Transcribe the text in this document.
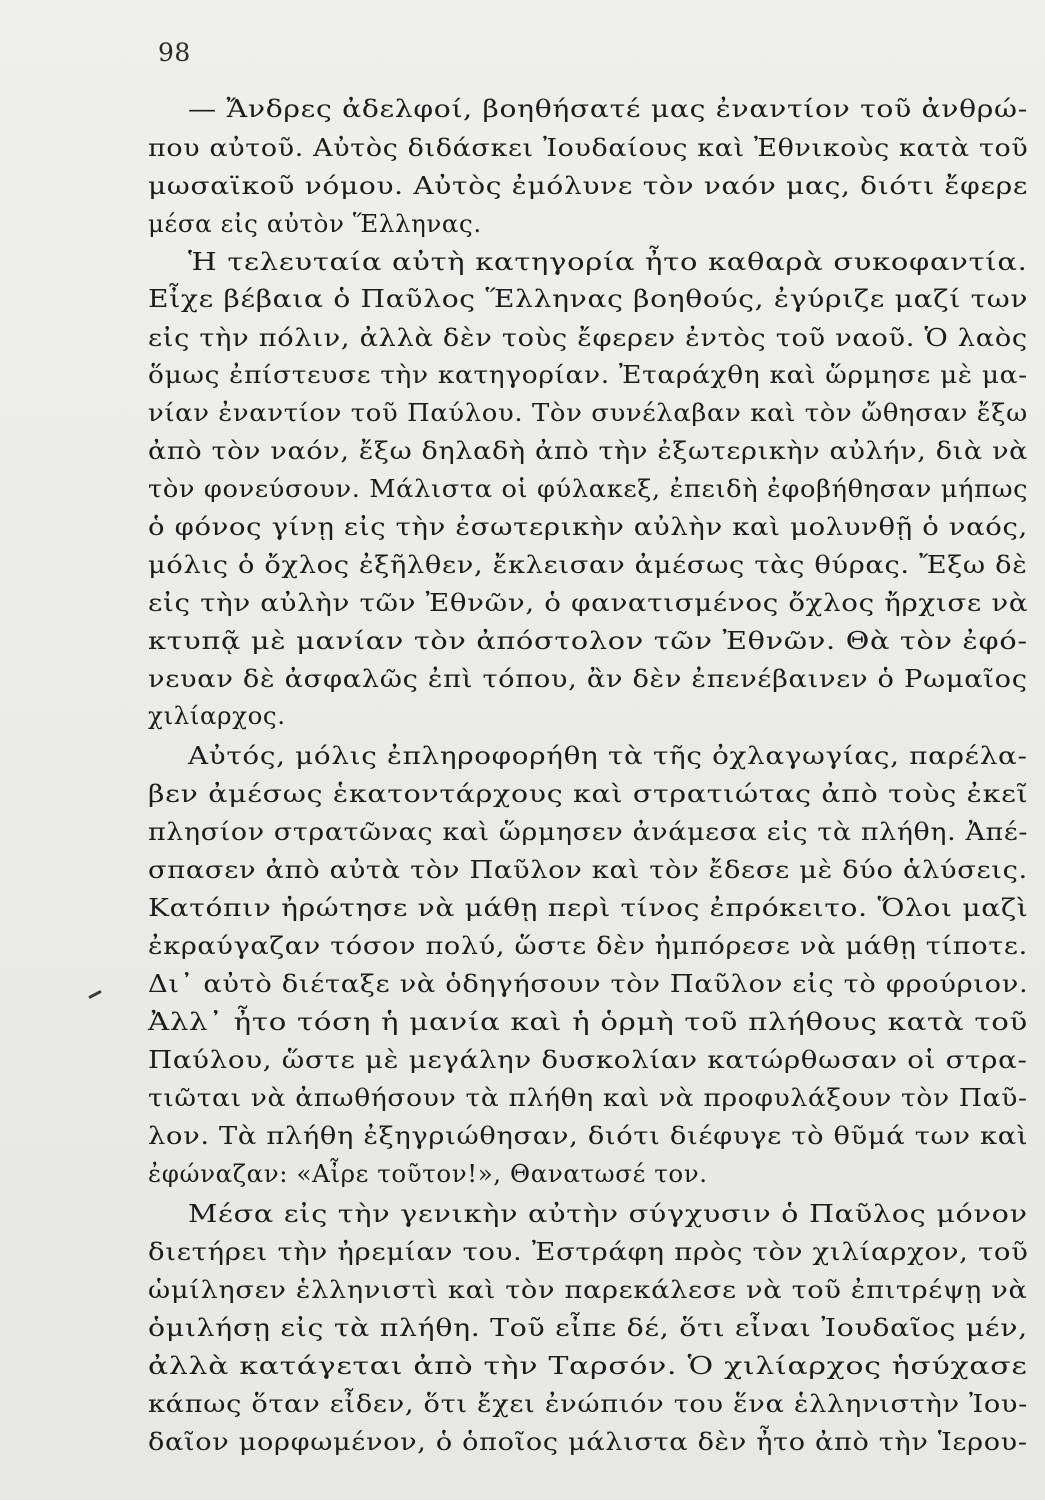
98
— Ἄνδρες ἀδελφοί, βοηθήσατέ μας ἐναντίον τοῦ ἀνθρώ-
που αὐτοῦ. Αὐτὸς διδάσκει Ἰουδαίους καὶ Ἐθνικοὺς κατὰ τοῦ
μωσαϊκοῦ νόμου. Αὐτὸς ἐμόλυνε τὸν ναόν μας, διότι ἔφερε
μέσα εἰς αὐτὸν Ἕλληνας.
Ἡ τελευταία αὐτὴ κατηγορία ἦτο καθαρὰ συκοφαντία.
Εἶχε βέβαια ὁ Παῦλος Ἕλληνας βοηθούς, ἐγύριζε μαζί των
εἰς τὴν πόλιν, ἀλλὰ δὲν τοὺς ἔφερεν ἐντὸς τοῦ ναοῦ. Ὁ λαὸς
ὅμως ἐπίστευσε τὴν κατηγορίαν. Ἐταράχθη καὶ ὥρμησε μὲ μα-
νίαν ἐναντίον τοῦ Παύλου. Τὸν συνέλαβαν καὶ τὸν ὤθησαν ἔξω
ἀπὸ τὸν ναόν, ἔξω δηλαδὴ ἀπὸ τὴν ἐξωτερικὴν αὐλήν, διὰ νὰ
τὸν φονεύσουν. Μάλιστα οἱ φύλακεξ, ἐπειδὴ ἐφοβήθησαν μήπως
ὁ φόνος γίνῃ εἰς τὴν ἐσωτερικὴν αὐλὴν καὶ μολυνθῇ ὁ ναός,
μόλις ὁ ὄχλος ἐξῆλθεν, ἔκλεισαν ἀμέσως τὰς θύρας. Ἔξω δὲ
εἰς τὴν αὐλὴν τῶν Ἐθνῶν, ὁ φανατισμένος ὄχλος ἤρχισε νὰ
κτυπᾷ μὲ μανίαν τὸν ἀπόστολον τῶν Ἐθνῶν. Θὰ τὸν ἐφό-
νευαν δὲ ἀσφαλῶς ἐπὶ τόπου, ἂν δὲν ἐπενέβαινεν ὁ Ρωμαῖος
χιλίαρχος.
Αὐτός, μόλις ἐπληροφορήθη τὰ τῆς ὀχλαγωγίας, παρέλα-
βεν ἀμέσως ἑκατοντάρχους καὶ στρατιώτας ἀπὸ τοὺς ἐκεῖ
πλησίον στρατῶνας καὶ ὥρμησεν ἀνάμεσα εἰς τὰ πλήθη. Ἀπέ-
σπασεν ἀπὸ αὐτὰ τὸν Παῦλον καὶ τὸν ἔδεσε μὲ δύο ἁλύσεις.
Κατόπιν ἠρώτησε νὰ μάθῃ περὶ τίνος ἐπρόκειτο. Ὅλοι μαζὶ
ἐκραύγαζαν τόσον πολύ, ὥστε δὲν ἠμπόρεσε νὰ μάθῃ τίποτε.
Δι᾽ αὐτὸ διέταξε νὰ ὁδηγήσουν τὸν Παῦλον εἰς τὸ φρούριον.
Ἀλλ᾽ ἦτο τόση ἡ μανία καὶ ἡ ὁρμὴ τοῦ πλήθους κατὰ τοῦ
Παύλου, ὥστε μὲ μεγάλην δυσκολίαν κατώρθωσαν οἱ στρα-
τιῶται νὰ ἀπωθήσουν τὰ πλήθη καὶ νὰ προφυλάξουν τὸν Παῦ-
λον. Τὰ πλήθη ἐξηγριώθησαν, διότι διέφυγε τὸ θῦμά των καὶ
ἐφώναζαν: «Αἶρε τοῦτον!», Θανατωσέ τον.
Μέσα εἰς τὴν γενικὴν αὐτὴν σύγχυσιν ὁ Παῦλος μόνον
διετήρει τὴν ἠρεμίαν του. Ἐστράφη πρὸς τὸν χιλίαρχον, τοῦ
ὡμίλησεν ἑλληνιστὶ καὶ τὸν παρεκάλεσε νὰ τοῦ ἐπιτρέψῃ νὰ
ὁμιλήσῃ εἰς τὰ πλήθη. Τοῦ εἶπε δέ, ὅτι εἶναι Ἰουδαῖος μέν,
ἀλλὰ κατάγεται ἀπὸ τὴν Ταρσόν. Ὁ χιλίαρχος ἡσύχασε
κάπως ὅταν εἶδεν, ὅτι ἔχει ἐνώπιόν του ἕνα ἑλληνιστὴν Ἰου-
δαῖον μορφωμένον, ὁ ὁποῖος μάλιστα δὲν ἦτο ἀπὸ τὴν Ἱερου-
